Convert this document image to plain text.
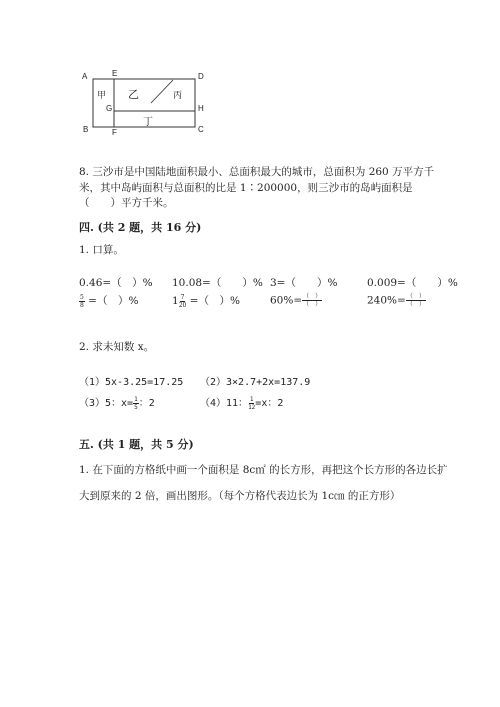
A	E	D
G	H
B	F	C
甲 乙	丙
丁
8. 三沙市是中国陆地面积最小、总面积最大的城市，总面积为 260 万平方千
米，其中岛屿面积与总面积的比是 1∶200000，则三沙市的岛屿面积是
（　　）平方千米。
四. (共 2 题，共 16 分)
1. 口算。
0.46=（　）% 10.08=（　　）% 3=（　　）%	0.009=（　　）%
$\frac{5}{8}$ =（　）%	$1 \frac{7}{20}$ =（　）%	$60\%= \frac{( )}{( )}$	$240\%= \frac{( )}{( )}$
2. 求未知数 x。
（1）5x-3.25=17.25 （2）3×2.7+2x=137.9
（3）5：$x= \frac{1}{5}$ ：2	（4）11： $\frac{1}{12} =x$：2
五. (共 1 题，共 5 分)
1. 在下面的方格纸中画一个面积是 8c㎡ 的长方形，再把这个长方形的各边长扩
大到原来的 2 倍，画出图形。（每个方格代表边长为 1c㎝ 的正方形）
